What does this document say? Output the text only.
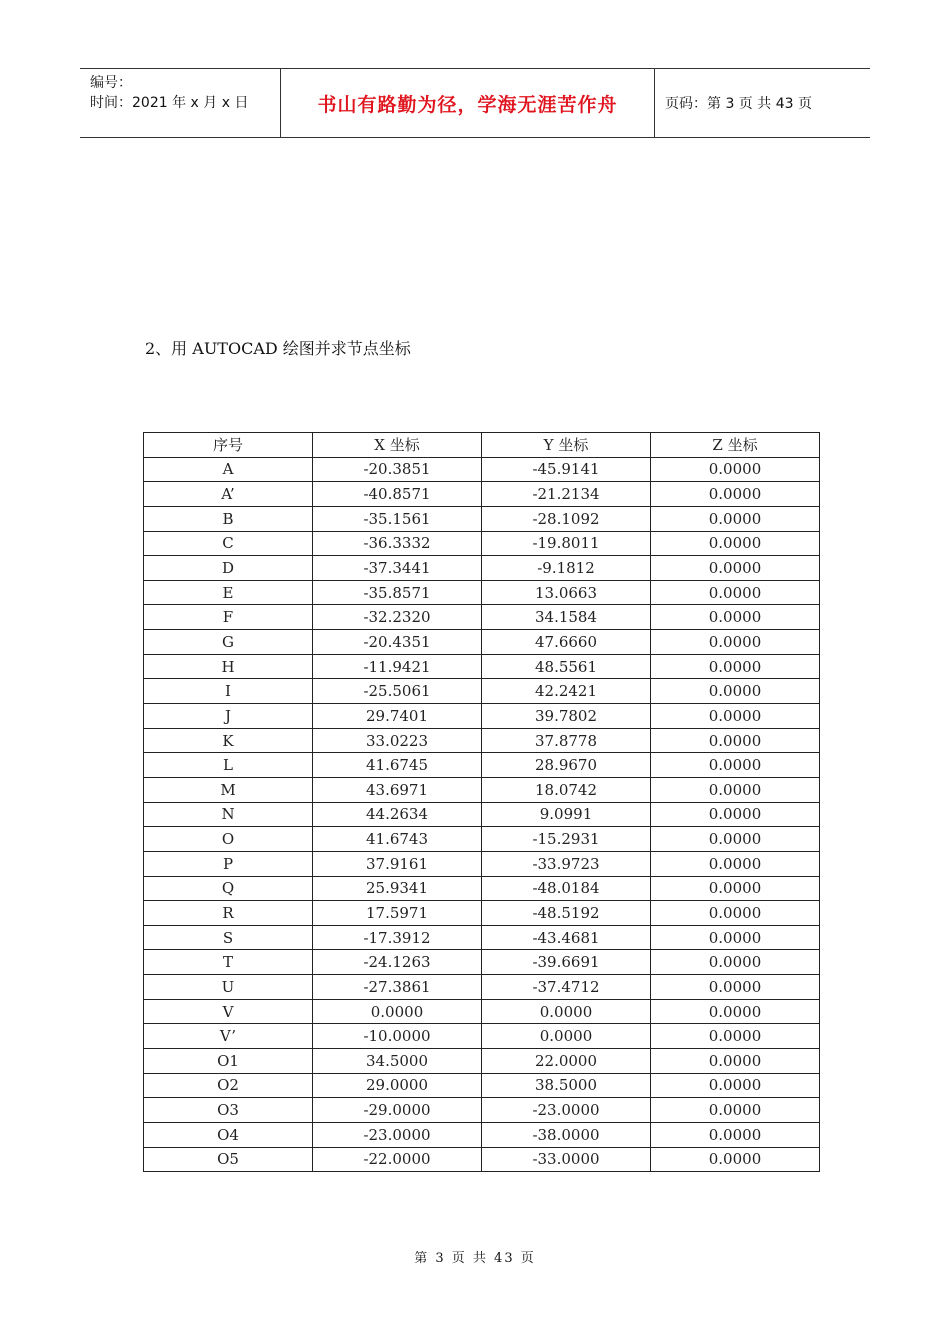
编号：
时间：2021 年 x 月 x 日	书山有路勤为径，学海无涯苦作舟	页码：第 3 页 共 43 页
2、用 AUTOCAD 绘图并求节点坐标
序号	X 坐标	Y 坐标	Z 坐标
A	-20.3851	-45.9141	0.0000
A’	-40.8571	-21.2134	0.0000
B	-35.1561	-28.1092	0.0000
C	-36.3332	-19.8011	0.0000
D	-37.3441	-9.1812	0.0000
E	-35.8571	13.0663	0.0000
F	-32.2320	34.1584	0.0000
G	-20.4351	47.6660	0.0000
H	-11.9421	48.5561	0.0000
I	-25.5061	42.2421	0.0000
J	29.7401	39.7802	0.0000
K	33.0223	37.8778	0.0000
L	41.6745	28.9670	0.0000
M	43.6971	18.0742	0.0000
N	44.2634	9.0991	0.0000
O	41.6743	-15.2931	0.0000
P	37.9161	-33.9723	0.0000
Q	25.9341	-48.0184	0.0000
R	17.5971	-48.5192	0.0000
S	-17.3912	-43.4681	0.0000
T	-24.1263	-39.6691	0.0000
U	-27.3861	-37.4712	0.0000
V	0.0000	0.0000	0.0000
V’	-10.0000	0.0000	0.0000
O1	34.5000	22.0000	0.0000
O2	29.0000	38.5000	0.0000
O3	-29.0000	-23.0000	0.0000
O4	-23.0000	-38.0000	0.0000
O5	-22.0000	-33.0000	0.0000
第 3 页 共 43 页
